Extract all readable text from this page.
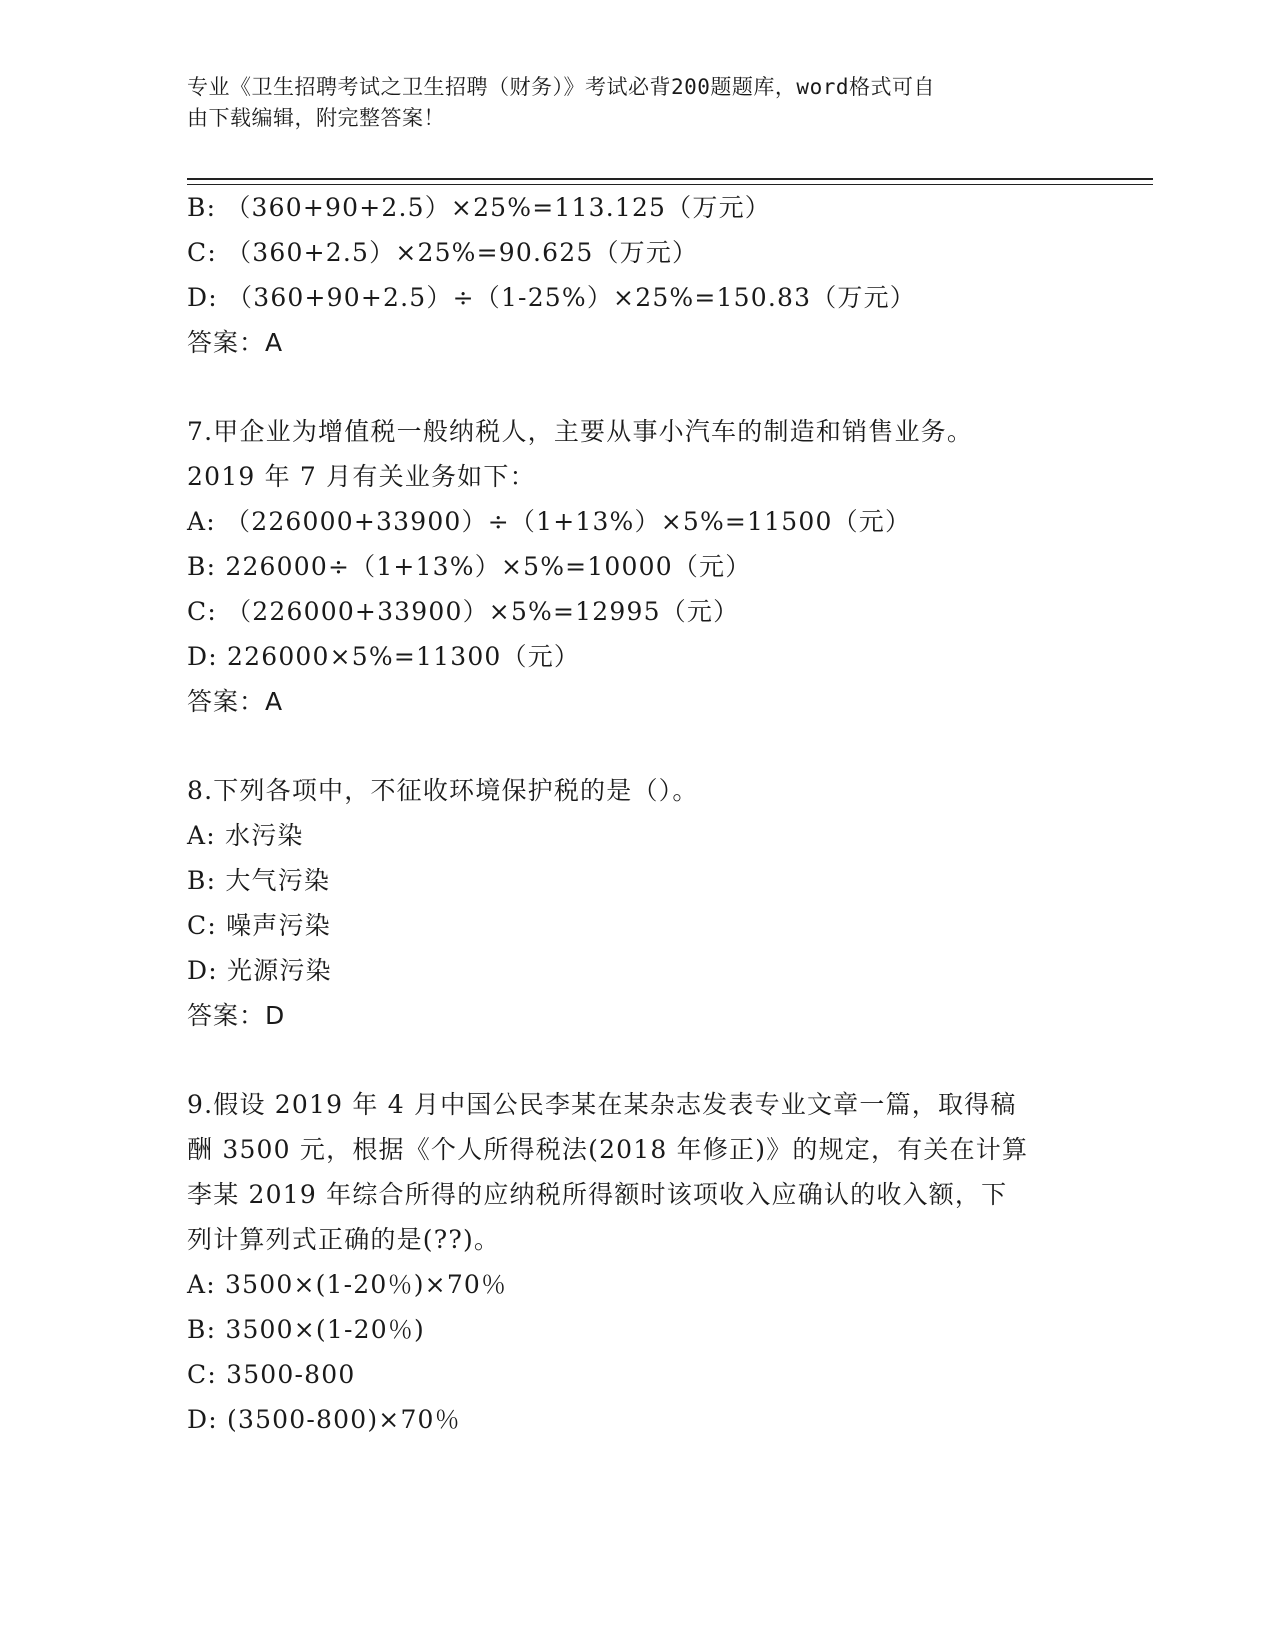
专业《卫生招聘考试之卫生招聘（财务）》考试必背200题题库，word格式可自
由下载编辑，附完整答案！
B: （360+90+2.5）×25%=113.125（万元）
C: （360+2.5）×25%=90.625（万元）
D: （360+90+2.5）÷（1-25%）×25%=150.83（万元）
答案：A
7.甲企业为增值税一般纳税人，主要从事小汽车的制造和销售业务。
2019 年 7 月有关业务如下：
A: （226000+33900）÷（1+13%）×5%=11500（元）
B: 226000÷（1+13%）×5%=10000（元）
C: （226000+33900）×5%=12995（元）
D: 226000×5%=11300（元）
答案：A
8.下列各项中，不征收环境保护税的是（）。
A: 水污染
B: 大气污染
C: 噪声污染
D: 光源污染
答案：D
9.假设 2019 年 4 月中国公民李某在某杂志发表专业文章一篇，取得稿
酬 3500 元，根据《个人所得税法(2018 年修正)》的规定，有关在计算
李某 2019 年综合所得的应纳税所得额时该项收入应确认的收入额，下
列计算列式正确的是(??)。
A: 3500×(1-20％)×70％
B: 3500×(1-20％)
C: 3500-800
D: (3500-800)×70％
